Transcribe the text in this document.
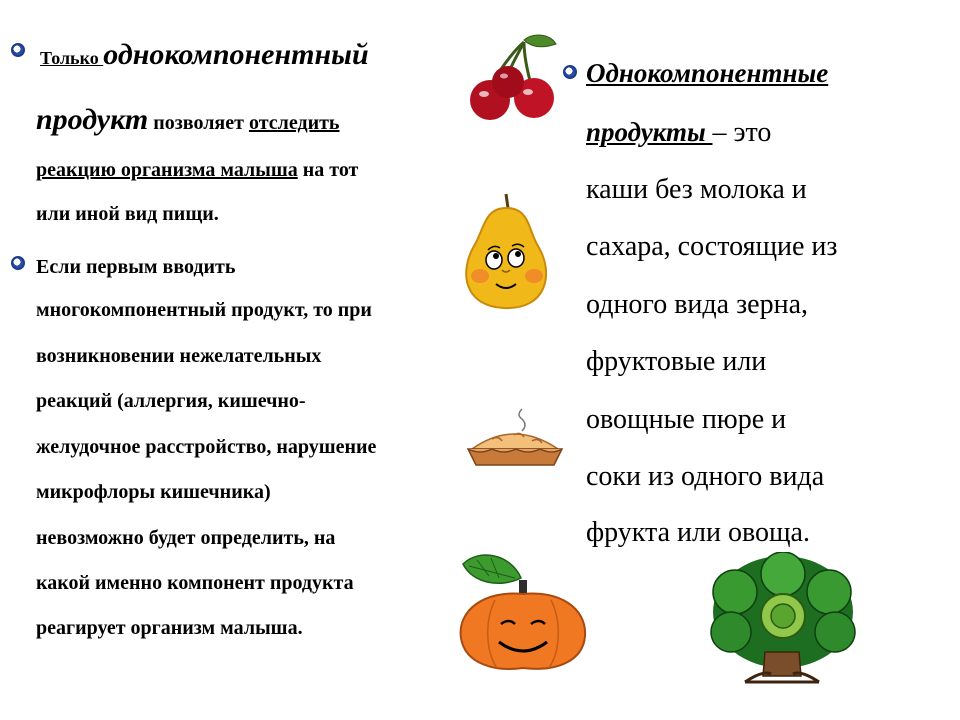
Только однокомпонентный
продукт позволяет отследить
реакцию организма малыша на тот
или иной вид пищи.
Если первым вводить
многокомпонентный продукт, то при
возникновении нежелательных
реакций (аллергия, кишечно-
желудочное расстройство, нарушение
микрофлоры кишечника)
невозможно будет определить, на
какой именно компонент продукта
реагирует организм малыша.
Однокомпонентные
продукты – это
каши без молока и
сахара, состоящие из
одного вида зерна,
фруктовые или
овощные пюре и
соки из одного вида
фрукта или овоща.
